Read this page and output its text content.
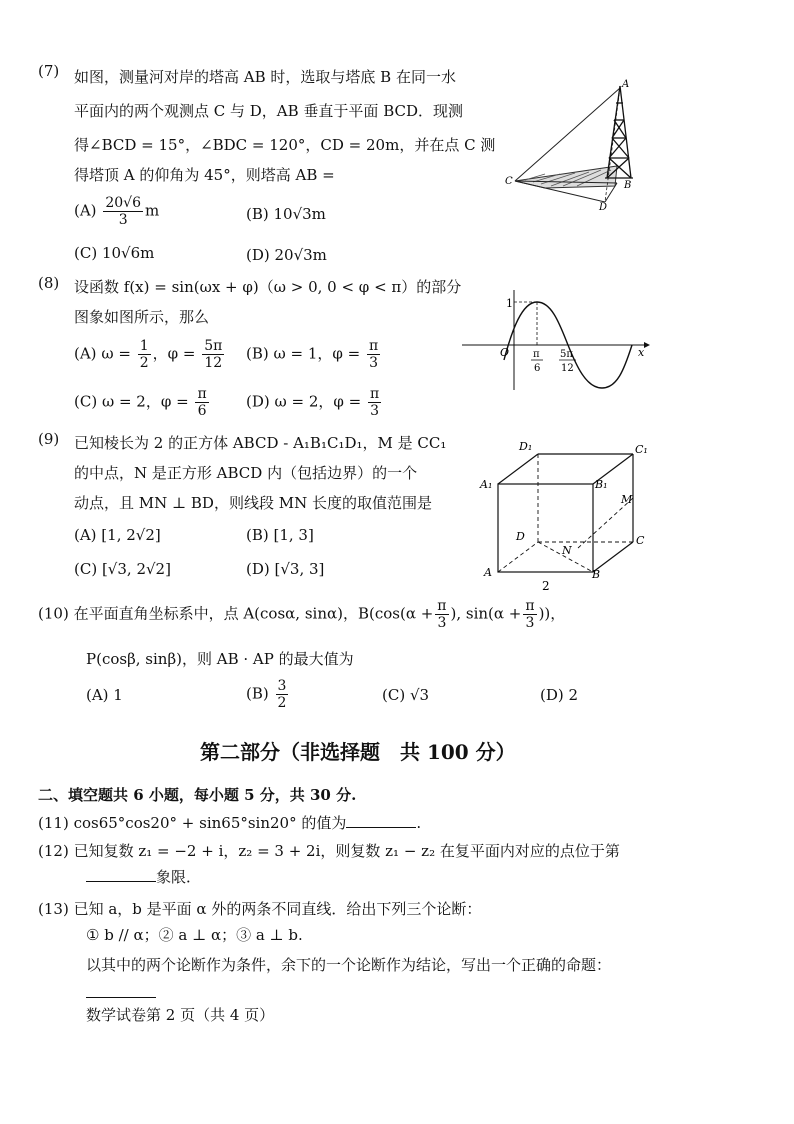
(7) 如图，测量河对岸的塔高 AB 时，选取与塔底 B 在同一水
平面内的两个观测点 C 与 D，AB 垂直于平面 BCD．现测
得∠BCD = 15°，∠BDC = 120°，CD = 20m，并在点 C 测
得塔顶 A 的仰角为 45°，则塔高 AB =
$(A) \frac{20√6}{3}$ m	(B) 10√3m
(C) 10√6m	(D) 20√3m
A
B
C
D
(8) 设函数 f(x) = sin(ωx + φ)（ω > 0, 0 < φ < π）的部分
图象如图所示，那么
(A) $\omega = \frac{1}{2}$ ，$\varphi = \frac{5\pi}{12} (B) \omega = 1$，$\varphi = \frac{\pi}{3}$
(C) ω = 2，$\varphi = \frac{\pi}{6} (D) \omega = 2$，$\varphi = \frac{\pi}{3}$
1
O	x
π
6
5π
12
(9) 已知棱长为 2 的正方体 ABCD - A₁B₁C₁D₁，M 是 CC₁
的中点，N 是正方形 ABCD 内（包括边界）的一个
动点，且 MN ⊥ BD，则线段 MN 长度的取值范围是
(A) [1, 2√2]	(B) [1, 3]
(C) [√3, 2√2]	(D) [√3, 3]
D₁	C₁
A₁	B₁
M
D	C
N
A	B
2
(10) 在平面直角坐标系中，点 A(cosα, sinα)，$B(\cos(\alpha + \frac{\pi}{3}$ ), $\sin(\alpha + \frac{\pi}{3}$ ))，
P(cosβ, sinβ)，则 AB · AP 的最大值为
(A) 1	$(B) \frac{3}{2}$	(C) √3	(D) 2
第二部分（非选择题　共 100 分）
二、填空题共 6 小题，每小题 5 分，共 30 分.
(11) cos65°cos20° + sin65°sin20° 的值为	.
(12) 已知复数 z₁ = −2 + i，z₂ = 3 + 2i，则复数 z₁ − z₂ 在复平面内对应的点位于第
象限．
(13) 已知 a，b 是平面 α 外的两条不同直线．给出下列三个论断：
① b // α；② a ⊥ α；③ a ⊥ b.
以其中的两个论断作为条件，余下的一个论断作为结论，写出一个正确的命题：
数学试卷第 2 页（共 4 页）
